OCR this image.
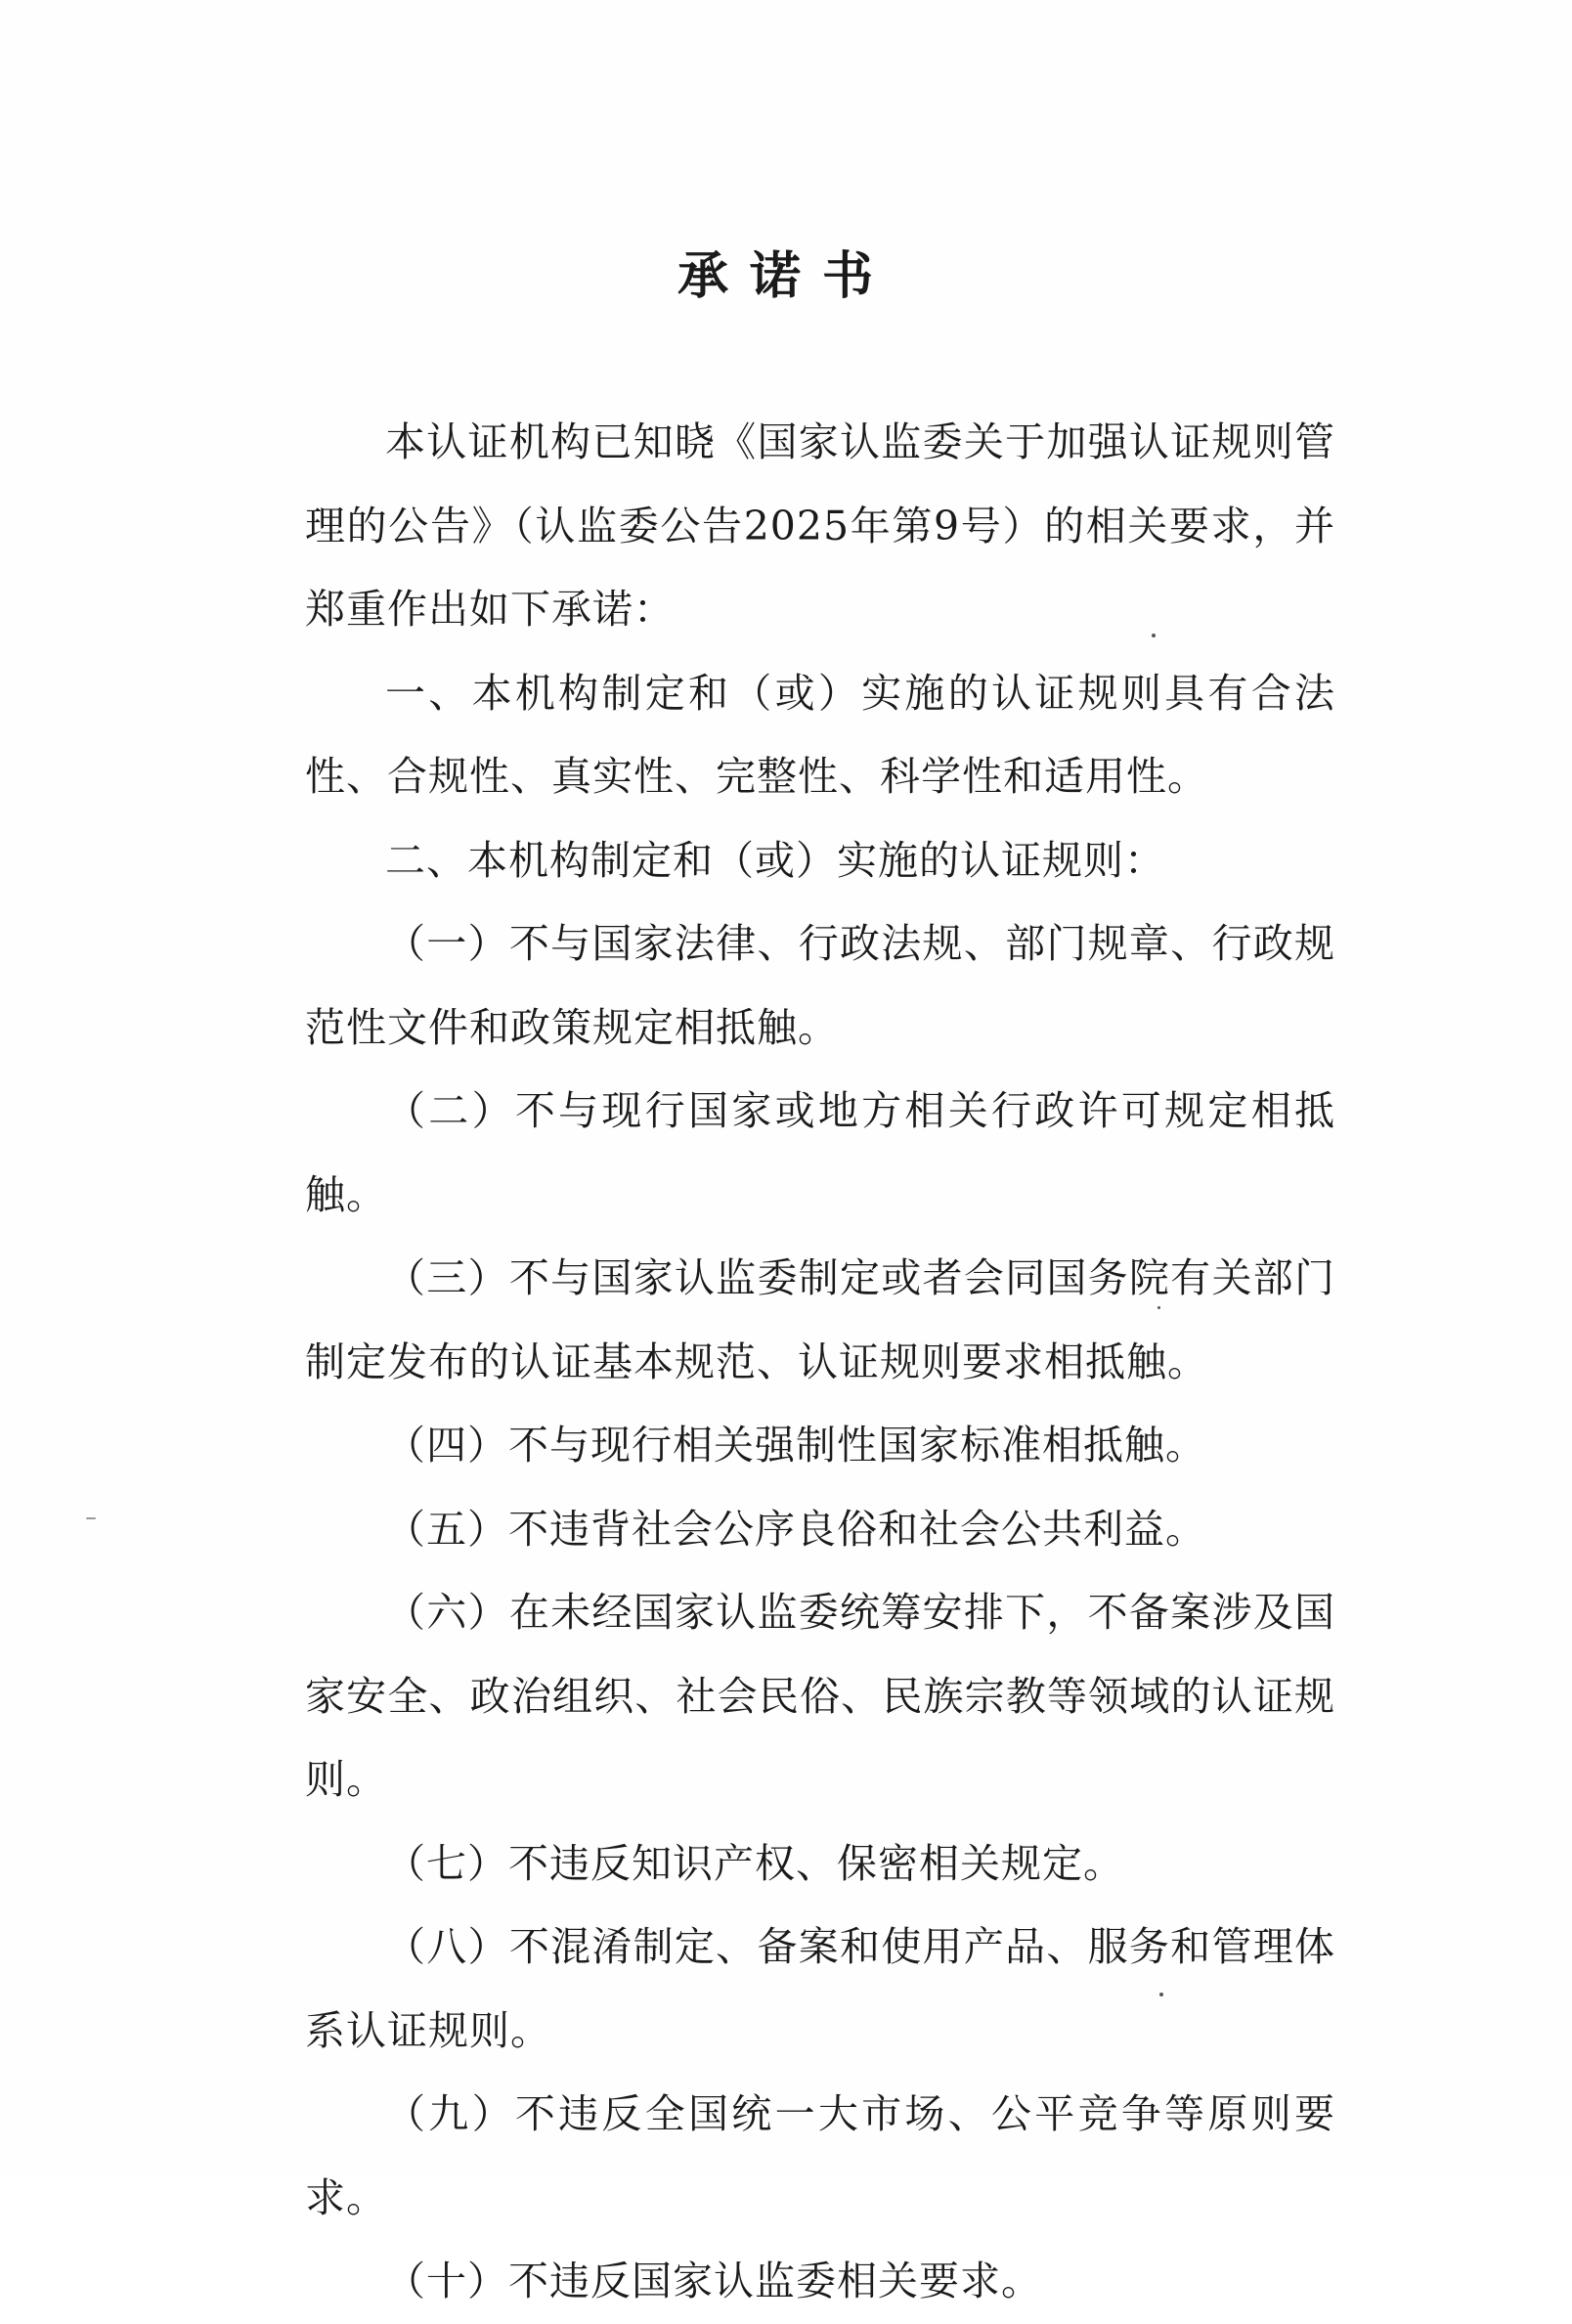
承诺书

本认证机构已知晓《国家认监委关于加强认证规则管理的公告》（认监委公告2025年第9号）的相关要求，并郑重作出如下承诺：

一、本机构制定和（或）实施的认证规则具有合法性、合规性、真实性、完整性、科学性和适用性。

二、本机构制定和（或）实施的认证规则：

（一）不与国家法律、行政法规、部门规章、行政规范性文件和政策规定相抵触。

（二）不与现行国家或地方相关行政许可规定相抵触。

（三）不与国家认监委制定或者会同国务院有关部门制定发布的认证基本规范、认证规则要求相抵触。

（四）不与现行相关强制性国家标准相抵触。

（五）不违背社会公序良俗和社会公共利益。

（六）在未经国家认监委统筹安排下，不备案涉及国家安全、政治组织、社会民俗、民族宗教等领域的认证规则。

（七）不违反知识产权、保密相关规定。

（八）不混淆制定、备案和使用产品、服务和管理体系认证规则。

（九）不违反全国统一大市场、公平竞争等原则要求。

（十）不违反国家认监委相关要求。
